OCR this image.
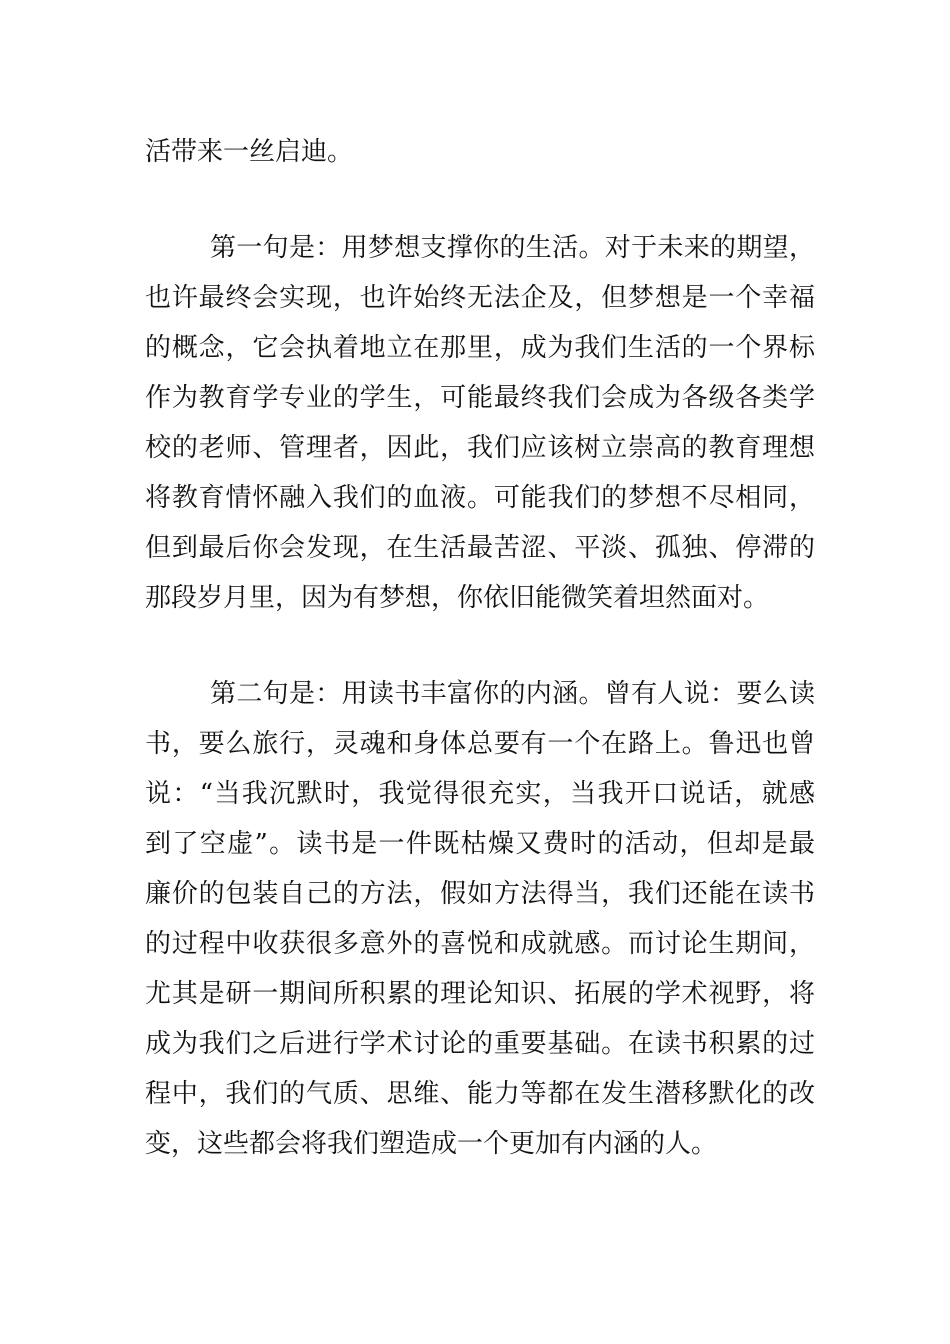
活带来一丝启迪。
第一句是：用梦想支撑你的生活。对于未来的期望，
也许最终会实现，也许始终无法企及，但梦想是一个幸福
的概念，它会执着地立在那里，成为我们生活的一个界标
作为教育学专业的学生，可能最终我们会成为各级各类学
校的老师、管理者，因此，我们应该树立崇高的教育理想
将教育情怀融入我们的血液。可能我们的梦想不尽相同，
但到最后你会发现，在生活最苦涩、平淡、孤独、停滞的
那段岁月里，因为有梦想，你依旧能微笑着坦然面对。
第二句是：用读书丰富你的内涵。曾有人说：要么读
书，要么旅行，灵魂和身体总要有一个在路上。鲁迅也曾
说：“当我沉默时，我觉得很充实，当我开口说话，就感
到了空虚”。读书是一件既枯燥又费时的活动，但却是最
廉价的包装自己的方法，假如方法得当，我们还能在读书
的过程中收获很多意外的喜悦和成就感。而讨论生期间，
尤其是研一期间所积累的理论知识、拓展的学术视野，将
成为我们之后进行学术讨论的重要基础。在读书积累的过
程中，我们的气质、思维、能力等都在发生潜移默化的改
变，这些都会将我们塑造成一个更加有内涵的人。
